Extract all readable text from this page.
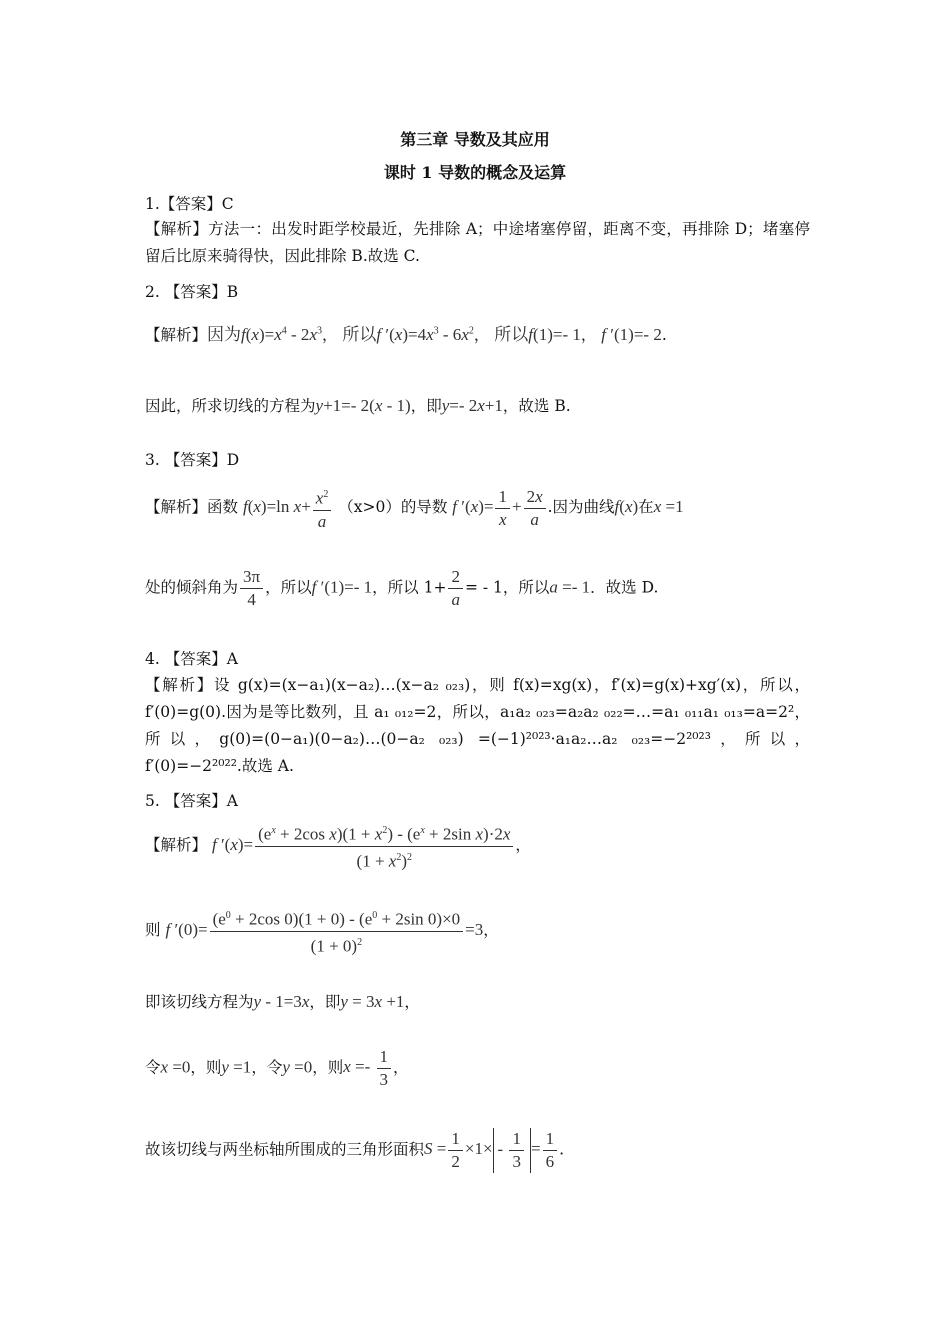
第三章 导数及其应用
课时 1 导数的概念及运算
1.【答案】C
【解析】方法一：出发时距学校最近，先排除 A；中途堵塞停留，距离不变，再排除 D；堵塞停留后比原来骑得快，因此排除 B.故选 C.
2. 【答案】B
【解析】因为$f(x)=x^4 - 2x^3$， 所以f $'(x)=4x^3 - 6x^2$， 所以f(1)=- 1， f ′(1)=- 2.
因此，所求切线的方程为y+1=- 2(x - 1)，即y=- 2x+1，故选 B.
3. 【答案】D
【解析】函数 f(x)=ln $x+ \frac{x^2}{a} (x>0)$的导数 f $'(x)= \frac{1}{x} + \frac{2x}{a}$ .因为曲线f(x)在x =1
处的倾斜角为 $\frac{3\pi}{4}$ ，所以f ′(1)=- 1，所以 $1+ \frac{2}{a}$ = - 1，所以a =- 1．故选 D.
4. 【答案】A
【解析】设 g(x)=(x−a₁)(x−a₂)…(x−a₂ ₀₂₃)，则 f(x)=xg(x)，f′(x)=g(x)+xg′(x)，所以，f′(0)=g(0).因为是等比数列，且 a₁ ₀₁₂=2，所以，a₁a₂ ₀₂₃=a₂a₂ ₀₂₂=…=a₁ ₀₁₁a₁ ₀₁₃=a=2²，所以，g(0)=(0−a₁)(0−a₂)…(0−a₂ ₀₂₃) =(−1)²⁰²³·a₁a₂…a₂ ₀₂₃=−2²⁰²³，所以，f′(0)=−2²⁰²².故选 A.
5. 【答案】A
【解析】 f $'(x)= \frac{(e^x + 2\cos x)(1 + x^2) - (e^x + 2\sin x)\cdot 2x}{(1 + x^2)^2}$ ，
则 f $'(0)= \frac{(e^0 + 2\cos 0)(1 + 0) - (e^0 + 2\sin 0)\times 0}{(1 + 0)^2} =3$，
即该切线方程为y - 1=3x，即y = 3x +1，
令x =0，则y =1，令y =0，则$x =- \frac{1}{3}$ ，
故该切线与两坐标轴所围成的三角形面积$S = \frac{1}{2} \times 1\times - \frac{1}{3} = \frac{1}{6}$ .
